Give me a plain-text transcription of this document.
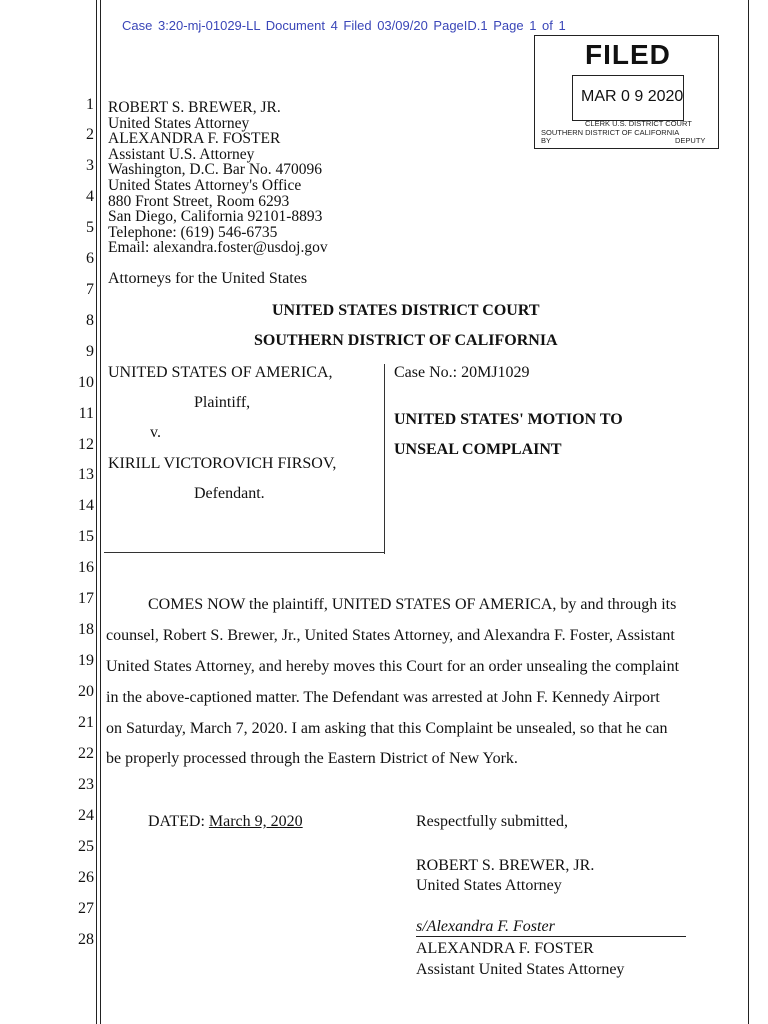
Case 3:20-mj-01029-LL Document 4 Filed 03/09/20 PageID.1 Page 1 of 1
FILED
MAR 0 9 2020
CLERK U.S. DISTRICT COURT
SOUTHERN DISTRICT OF CALIFORNIA
BY	DEPUTY
1
2
3
4
5
6
7
8
9
10
11
12
13
14
15
16
17
18
19
20
21
22
23
24
25
26
27
28
ROBERT S. BREWER, JR.
United States Attorney
ALEXANDRA F. FOSTER
Assistant U.S. Attorney
Washington, D.C. Bar No. 470096
United States Attorney's Office
880 Front Street, Room 6293
San Diego, California 92101-8893
Telephone: (619) 546-6735
Email: alexandra.foster@usdoj.gov
Attorneys for the United States
UNITED STATES DISTRICT COURT
SOUTHERN DISTRICT OF CALIFORNIA
UNITED STATES OF AMERICA,
Plaintiff,
v.
KIRILL VICTOROVICH FIRSOV,
Defendant.
Case No.: 20MJ1029
UNITED STATES' MOTION TO
UNSEAL COMPLAINT
COMES NOW the plaintiff, UNITED STATES OF AMERICA, by and through its
counsel, Robert S. Brewer, Jr., United States Attorney, and Alexandra F. Foster, Assistant
United States Attorney, and hereby moves this Court for an order unsealing the complaint
in the above-captioned matter. The Defendant was arrested at John F. Kennedy Airport
on Saturday, March 7, 2020. I am asking that this Complaint be unsealed, so that he can
be properly processed through the Eastern District of New York.
DATED: March 9, 2020	Respectfully submitted,
ROBERT S. BREWER, JR.
United States Attorney
s/Alexandra F. Foster
ALEXANDRA F. FOSTER
Assistant United States Attorney
